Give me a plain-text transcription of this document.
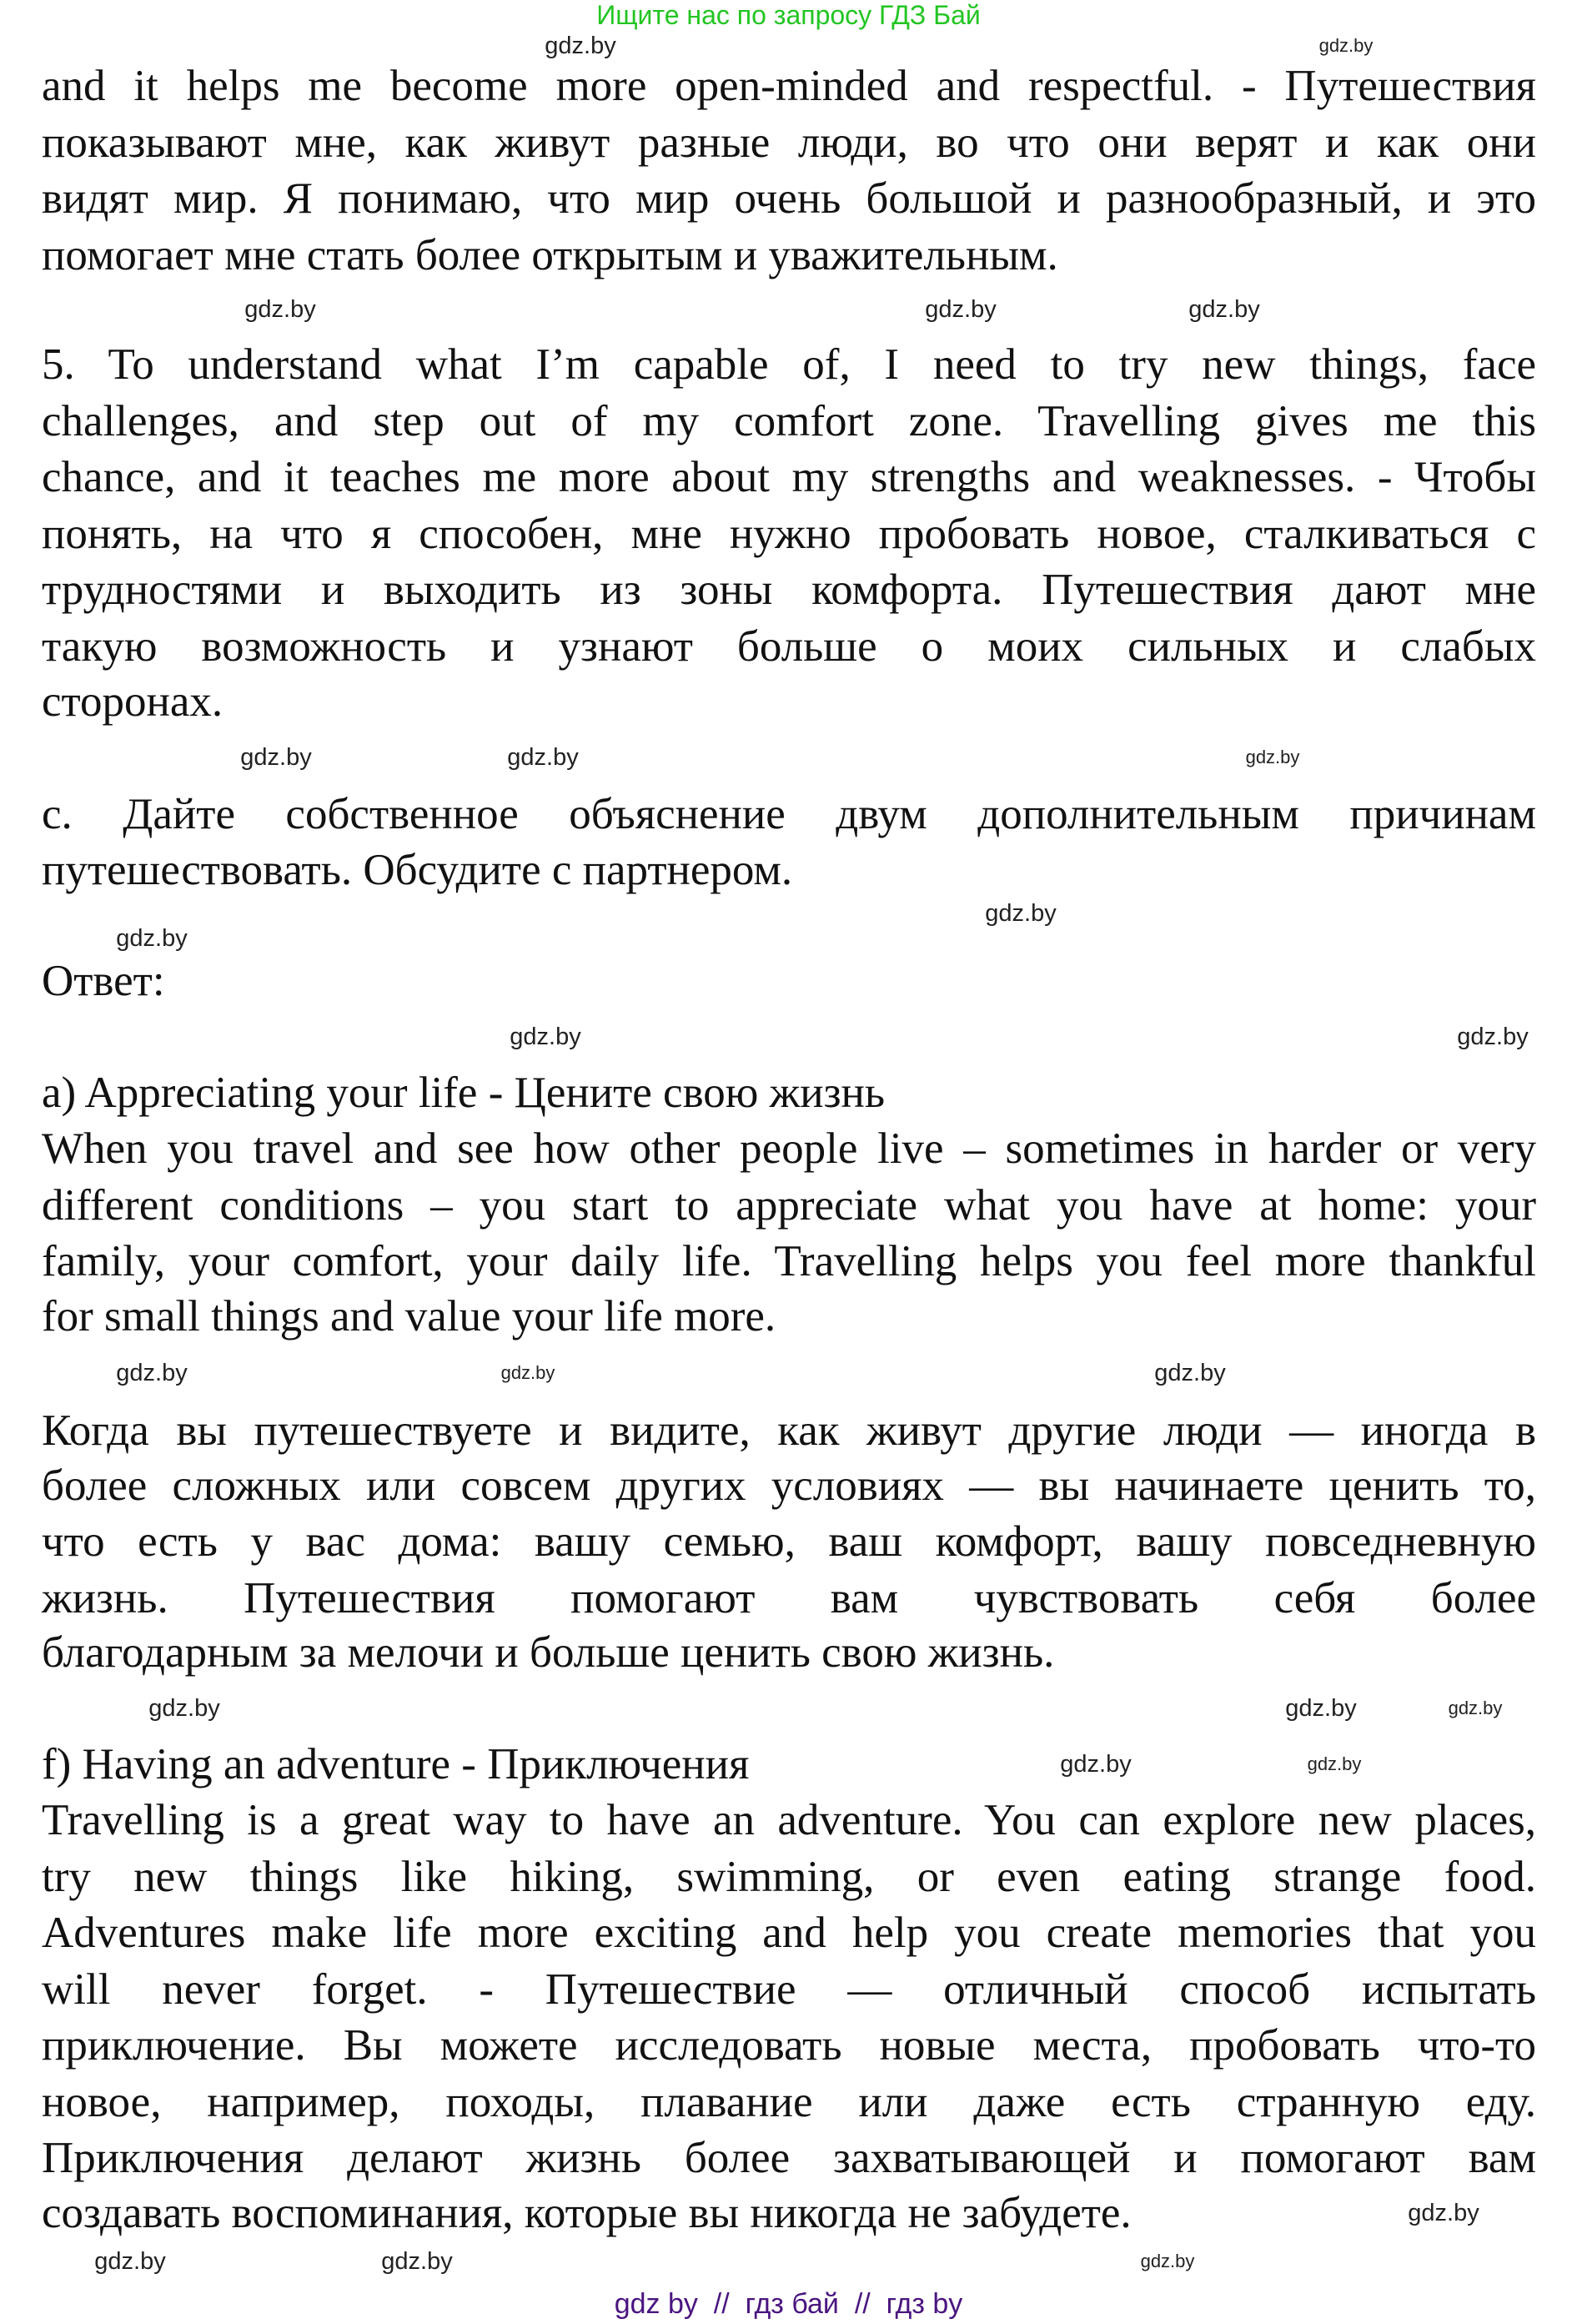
Ищите нас по запросу ГДЗ Бай
and it helps me become more open-minded and respectful. - Путешествия
показывают мне, как живут разные люди, во что они верят и как они
видят мир. Я понимаю, что мир очень большой и разнообразный, и это
помогает мне стать более открытым и уважительным.
5. To understand what I’m capable of, I need to try new things, face
challenges, and step out of my comfort zone. Travelling gives me this
chance, and it teaches me more about my strengths and weaknesses. - Чтобы
понять, на что я способен, мне нужно пробовать новое, сталкиваться с
трудностями и выходить из зоны комфорта. Путешествия дают мне
такую возможность и узнают больше о моих сильных и слабых
сторонах.
c. Дайте собственное объяснение двум дополнительным причинам
путешествовать. Обсудите с партнером.
Ответ:
a) Appreciating your life - Цените свою жизнь
When you travel and see how other people live – sometimes in harder or very
different conditions – you start to appreciate what you have at home: your
family, your comfort, your daily life. Travelling helps you feel more thankful
for small things and value your life more.
Когда вы путешествуете и видите, как живут другие люди — иногда в
более сложных или совсем других условиях — вы начинаете ценить то,
что есть у вас дома: вашу семью, ваш комфорт, вашу повседневную
жизнь. Путешествия помогают вам чувствовать себя более
благодарным за мелочи и больше ценить свою жизнь.
f) Having an adventure - Приключения
Travelling is a great way to have an adventure. You can explore new places,
try new things like hiking, swimming, or even eating strange food.
Adventures make life more exciting and help you create memories that you
will never forget. - Путешествие — отличный способ испытать
приключение. Вы можете исследовать новые места, пробовать что-то
новое, например, походы, плавание или даже есть странную еду.
Приключения делают жизнь более захватывающей и помогают вам
создавать воспоминания, которые вы никогда не забудете.
gdz.by	gdz.by
gdz.by	gdz.by	gdz.by
gdz.by	gdz.by	gdz.by
gdz.by
gdz.by
gdz.by	gdz.by
gdz.by
gdz.by	gdz.by
gdz.by
gdz.by
gdz.by
gdz.by	gdz.by
gdz.by
gdz.by	gdz.by	gdz.by
gdz by  //  гдз бай  //  гдз by
